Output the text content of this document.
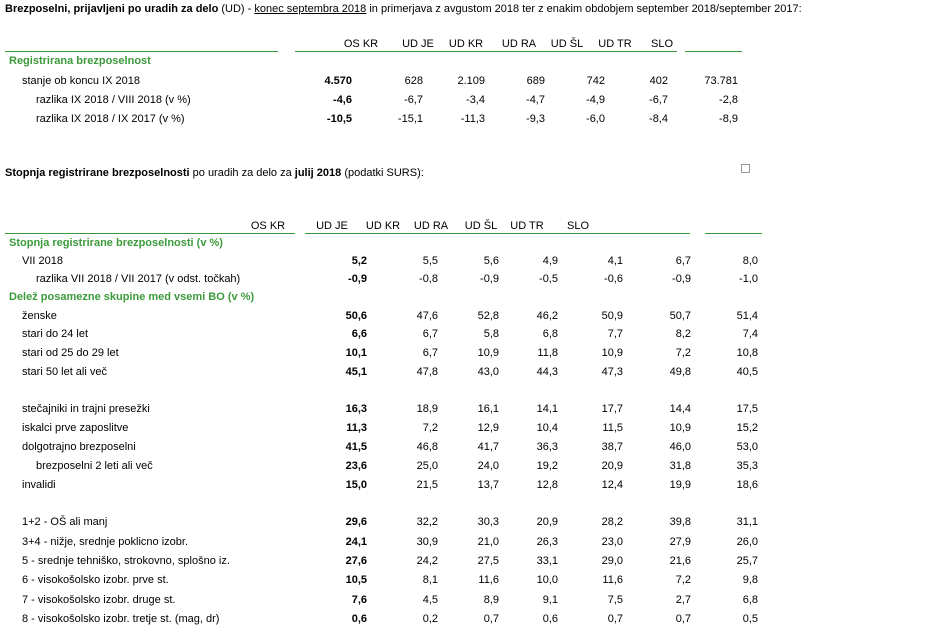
Brezposelni, prijavljeni po uradih za delo (UD) - konec septembra 2018 in primerjava z avgustom 2018 ter z enakim obdobjem september 2018/september 2017:
OS KR	UD JE	UD KR	UD RA	UD ŠL	UD TR	SLO
Registrirana brezposelnost
stanje ob koncu IX 2018	4.570	628	2.109	689	742	402	73.781
razlika IX 2018 / VIII 2018 (v %)	-4,6	-6,7	-3,4	-4,7	-4,9	-6,7	-2,8
razlika IX 2018 / IX 2017 (v %)	-10,5	-15,1	-11,3	-9,3	-6,0	-8,4	-8,9
Stopnja registrirane brezposelnosti po uradih za delo za julij 2018 (podatki SURS):
OS KR	UD JE	UD KR	UD RA	UD ŠL	UD TR	SLO
Stopnja registrirane brezposelnosti (v %)
Delež posamezne skupine med vsemi BO (v %)
VII 2018	5,2	5,5	5,6	4,9	4,1	6,7	8,0
razlika VII 2018 / VII 2017 (v odst. točkah)	-0,9	-0,8	-0,9	-0,5	-0,6	-0,9	-1,0
ženske	50,6	47,6	52,8	46,2	50,9	50,7	51,4
stari do 24 let	6,6	6,7	5,8	6,8	7,7	8,2	7,4
stari od 25 do 29 let	10,1	6,7	10,9	11,8	10,9	7,2	10,8
stari 50 let ali več	45,1	47,8	43,0	44,3	47,3	49,8	40,5
stečajniki in trajni presežki	16,3	18,9	16,1	14,1	17,7	14,4	17,5
iskalci prve zaposlitve	11,3	7,2	12,9	10,4	11,5	10,9	15,2
dolgotrajno brezposelni	41,5	46,8	41,7	36,3	38,7	46,0	53,0
brezposelni 2 leti ali več	23,6	25,0	24,0	19,2	20,9	31,8	35,3
invalidi	15,0	21,5	13,7	12,8	12,4	19,9	18,6
1+2 - OŠ ali manj	29,6	32,2	30,3	20,9	28,2	39,8	31,1
3+4 - nižje, srednje poklicno izobr.	24,1	30,9	21,0	26,3	23,0	27,9	26,0
5 - srednje tehniško, strokovno, splošno iz.	27,6	24,2	27,5	33,1	29,0	21,6	25,7
6 - visokošolsko izobr. prve st.	10,5	8,1	11,6	10,0	11,6	7,2	9,8
7 - visokošolsko izobr. druge st.	7,6	4,5	8,9	9,1	7,5	2,7	6,8
8 - visokošolsko izobr. tretje st. (mag, dr)	0,6	0,2	0,7	0,6	0,7	0,7	0,5
